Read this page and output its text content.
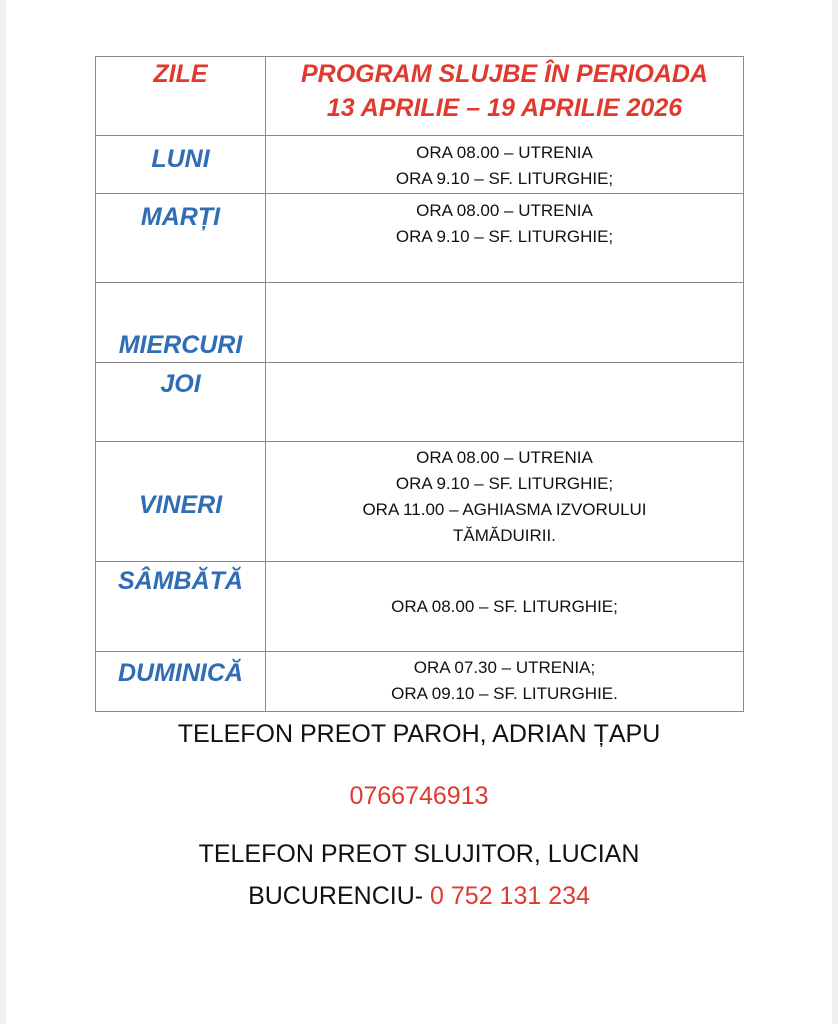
ZILE	PROGRAM SLUJBE ÎN PERIOADA
13 APRILIE – 19 APRILIE 2026

LUNI	ORA 08.00 – UTRENIA
ORA 9.10 – SF. LITURGHIE;

MARȚI	ORA 08.00 – UTRENIA
ORA 9.10 – SF. LITURGHIE;

MIERCURI	

JOI	

VINERI	ORA 08.00 – UTRENIA
ORA 9.10 – SF. LITURGHIE;
ORA 11.00 – AGHIASMA IZVORULUI
TĂMĂDUIRII.

SÂMBĂTĂ	ORA 08.00 – SF. LITURGHIE;

DUMINICĂ	ORA 07.30 – UTRENIA;
ORA 09.10 – SF. LITURGHIE.
TELEFON PREOT PAROH, ADRIAN ȚAPU
0766746913
TELEFON PREOT SLUJITOR, LUCIAN
BUCURENCIU- 0 752 131 234
